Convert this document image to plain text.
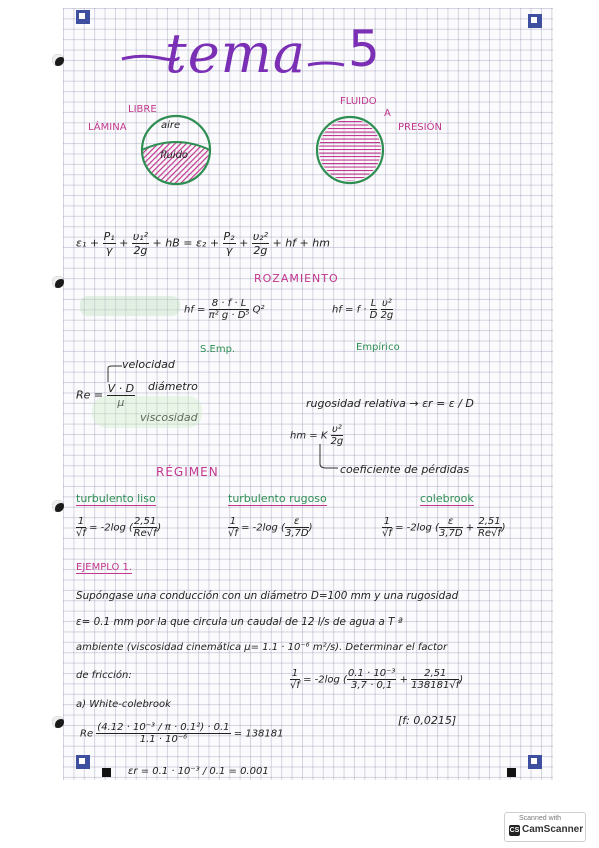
tema 5
aire
fluido
LIBRE
LÁMINA
FLUIDO
A
PRESIÓN
$\varepsilon_1 + \frac{\text{P₁}}{\gamma} + \frac{\text{υ₁²}}{2g}$ + hB = $\varepsilon_2 + \frac{\text{P₂}}{\gamma} + \frac{\text{υ₂²}}{2g}$ + hf + hm
ROZAMIENTO
hf = $\frac{8 \cdot f \cdot L}{\text{π² g · D⁵}} Q^2$	hf = $f \cdot \frac{L}{D}$
$\frac{\text{υ²}}{2g}$
S.Emp.	Empírico
velocidad
$Re = \frac{V \cdot D}{\mu}$ diámetro
viscosidad
rugosidad relativa → εr = ε / D
hm = K $\frac{\text{υ²}}{2g}$
coeficiente de pérdidas
RÉGIMEN
turbulento liso	turbulento rugoso	colebrook
$\frac{1}{√f} = -2\log$ ( $\frac{2,51}{Re√f}$ )	$\frac{1}{√f} = -2\log$ ( $\frac{\varepsilon}{3,7D}$ )	$\frac{1}{√f} = -2\log$ ( $\frac{\varepsilon}{3,7D} + \frac{2,51}{Re√f}$ )
EJEMPLO 1.
Supóngase una conducción con un diámetro D=100 mm y una rugosidad
ε= 0.1 mm por la que circula un caudal de 12 l/s de agua a T ª
ambiente (viscosidad cinemática μ= 1.1 · 10⁻⁶ m²/s). Determinar el factor
de fricción:	$\frac{1}{√f} = -2\log$ ( $\frac{\text{0.1 · 10⁻³}}{3,7 \cdot 0,1} + \frac{2,51}{138181√f}$ )
a) White-colebrook
Re $\frac{\text{(4.12 · 10⁻³ / π · 0.1²) · 0.1}}{\text{1.1 · 10⁻⁶}} = 138181$
[f: 0,0215]
εr = 0.1 · 10⁻³ / 0.1 = 0.001
Scanned with
CS CamScanner
